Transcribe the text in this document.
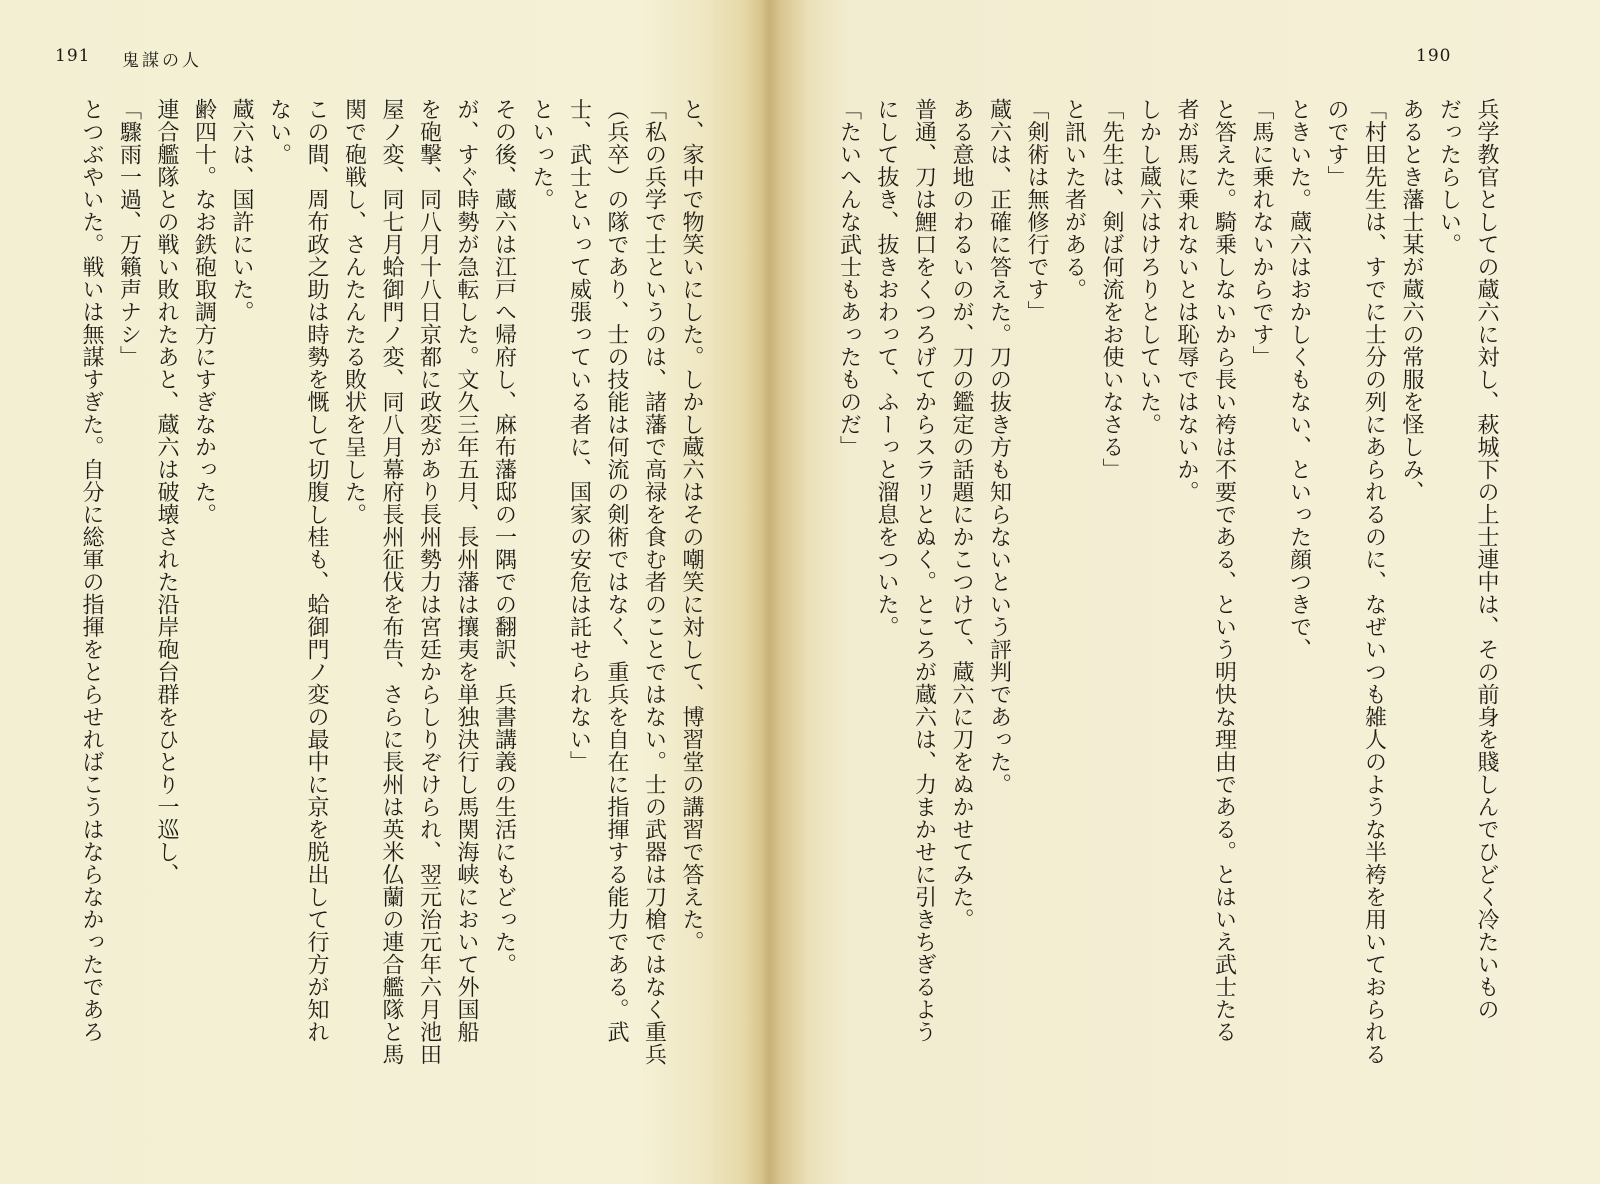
191 鬼謀の人
と、家中で物笑いにした。しかし蔵六はその嘲笑に対して、博習堂の講習で答えた。
「私の兵学で士というのは、諸藩で高禄を食む者のことではない。士の武器は刀槍ではなく重兵
（兵卒）の隊であり、士の技能は何流の剣術ではなく、重兵を自在に指揮する能力である。武
士、武士といって威張っている者に、国家の安危は託せられない」
といった。
その後、蔵六は江戸へ帰府し、麻布藩邸の一隅での翻訳、兵書講義の生活にもどった。
が、すぐ時勢が急転した。文久三年五月、長州藩は攘夷を単独決行し馬関海峡において外国船
を砲撃、同八月十八日京都に政変があり長州勢力は宮廷からしりぞけられ、翌元治元年六月池田
屋ノ変、同七月蛤御門ノ変、同八月幕府長州征伐を布告、さらに長州は英米仏蘭の連合艦隊と馬
関で砲戦し、さんたんたる敗状を呈した。
この間、周布政之助は時勢を慨して切腹し桂も、蛤御門ノ変の最中に京を脱出して行方が知れ
ない。
蔵六は、国許にいた。
齢四十。なお鉄砲取調方にすぎなかった。
連合艦隊との戦い敗れたあと、蔵六は破壊された沿岸砲台群をひとり一巡し、
「驟雨一過、万籟声ナシ」
とつぶやいた。戦いは無謀すぎた。自分に総軍の指揮をとらせればこうはならなかったであろ
190
兵学教官としての蔵六に対し、萩城下の上士連中は、その前身を賤しんでひどく冷たいもの
だったらしい。
あるとき藩士某が蔵六の常服を怪しみ、
「村田先生は、すでに士分の列にあられるのに、なぜいつも雑人のような半袴を用いておられる
のです」
ときいた。蔵六はおかしくもない、といった顔つきで、
「馬に乗れないからです」
と答えた。騎乗しないから長い袴は不要である、という明快な理由である。とはいえ武士たる
者が馬に乗れないとは恥辱ではないか。
しかし蔵六はけろりとしていた。
「先生は、剣ば何流をお使いなさる」
と訊いた者がある。
「剣術は無修行です」
蔵六は、正確に答えた。刀の抜き方も知らないという評判であった。
ある意地のわるいのが、刀の鑑定の話題にかこつけて、蔵六に刀をぬかせてみた。
普通、刀は鯉口をくつろげてからスラリとぬく。ところが蔵六は、力まかせに引きちぎるよう
にして抜き、抜きおわって、ふーっと溜息をついた。
「たいへんな武士もあったものだ」
